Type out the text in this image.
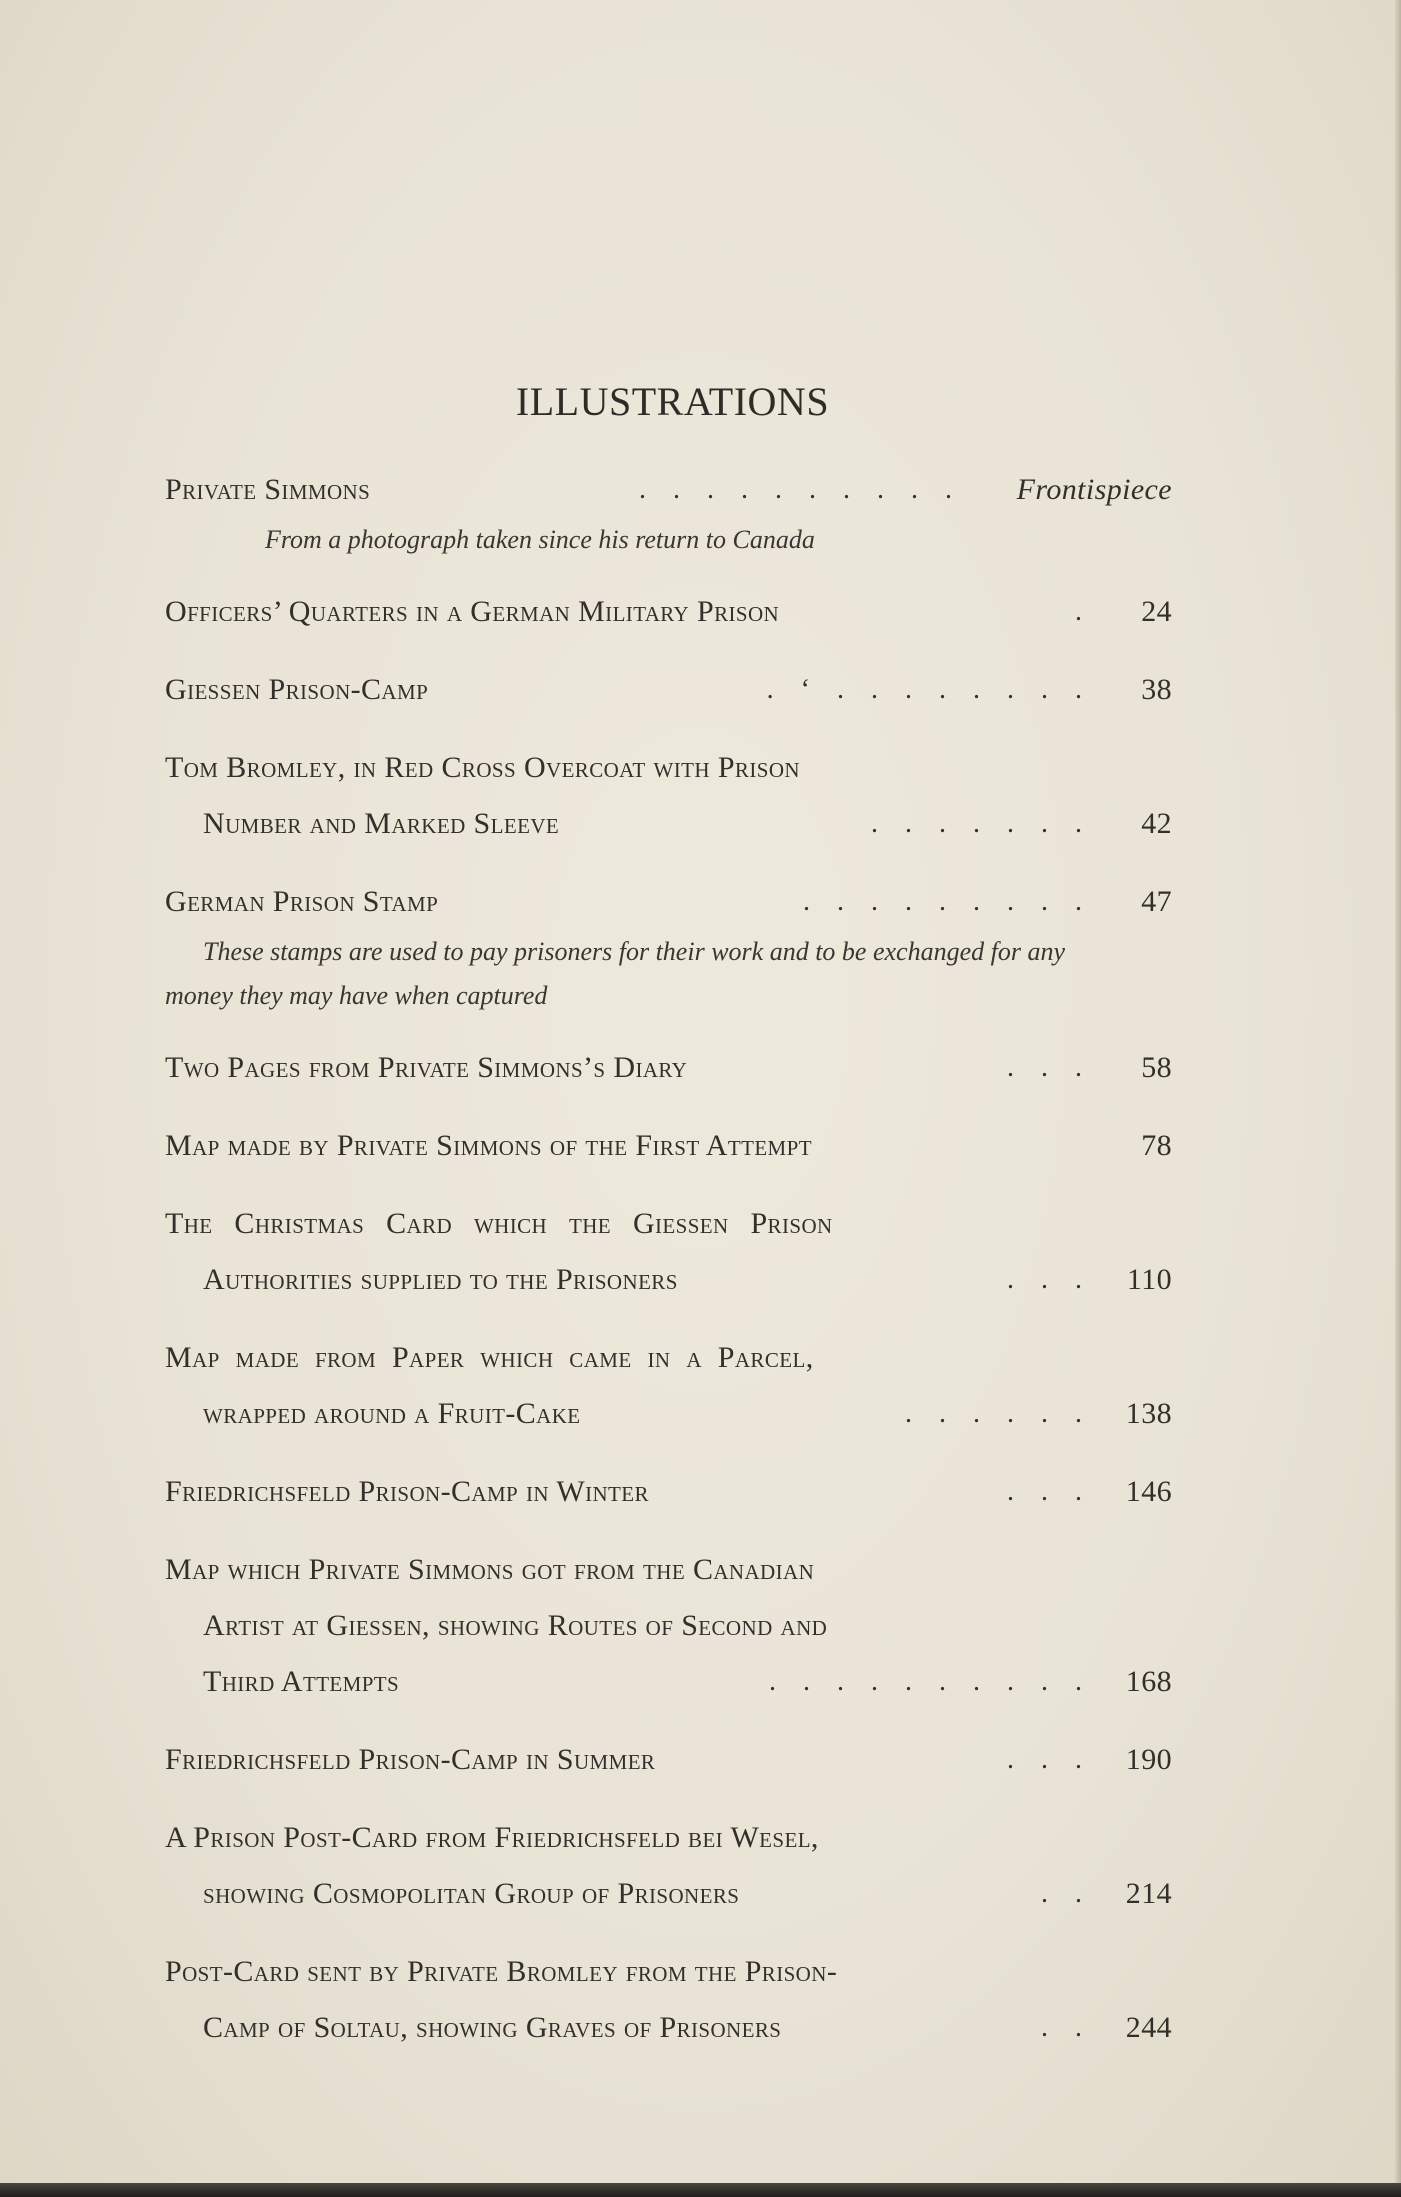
ILLUSTRATIONS
Private Simmons	. . . . . . . . . . Frontispiece
From a photograph taken since his return to Canada
Officers’ Quarters in a German Military Prison	.	24
Giessen Prison-Camp	. ‘ . . . . . . . .	38
Tom Bromley, in Red Cross Overcoat with Prison
Number and Marked Sleeve	. . . . . . .	42
German Prison Stamp	. . . . . . . . .	47
These stamps are used to pay prisoners for their work and to be exchanged for any money they may have when captured
Two Pages from Private Simmons’s Diary	. . .	58
Map made by Private Simmons of the First Attempt	78
The Christmas Card which the Giessen Prison
Authorities supplied to the Prisoners	. . .	110
Map made from Paper which came in a Parcel,
wrapped around a Fruit-Cake	. . . . . .	138
Friedrichsfeld Prison-Camp in Winter	. . .	146
Map which Private Simmons got from the Canadian
Artist at Giessen, showing Routes of Second and
Third Attempts	. . . . . . . . . .	168
Friedrichsfeld Prison-Camp in Summer	. . .	190
A Prison Post-Card from Friedrichsfeld bei Wesel,
showing Cosmopolitan Group of Prisoners	. .	214
Post-Card sent by Private Bromley from the Prison-
Camp of Soltau, showing Graves of Prisoners	. .	244
